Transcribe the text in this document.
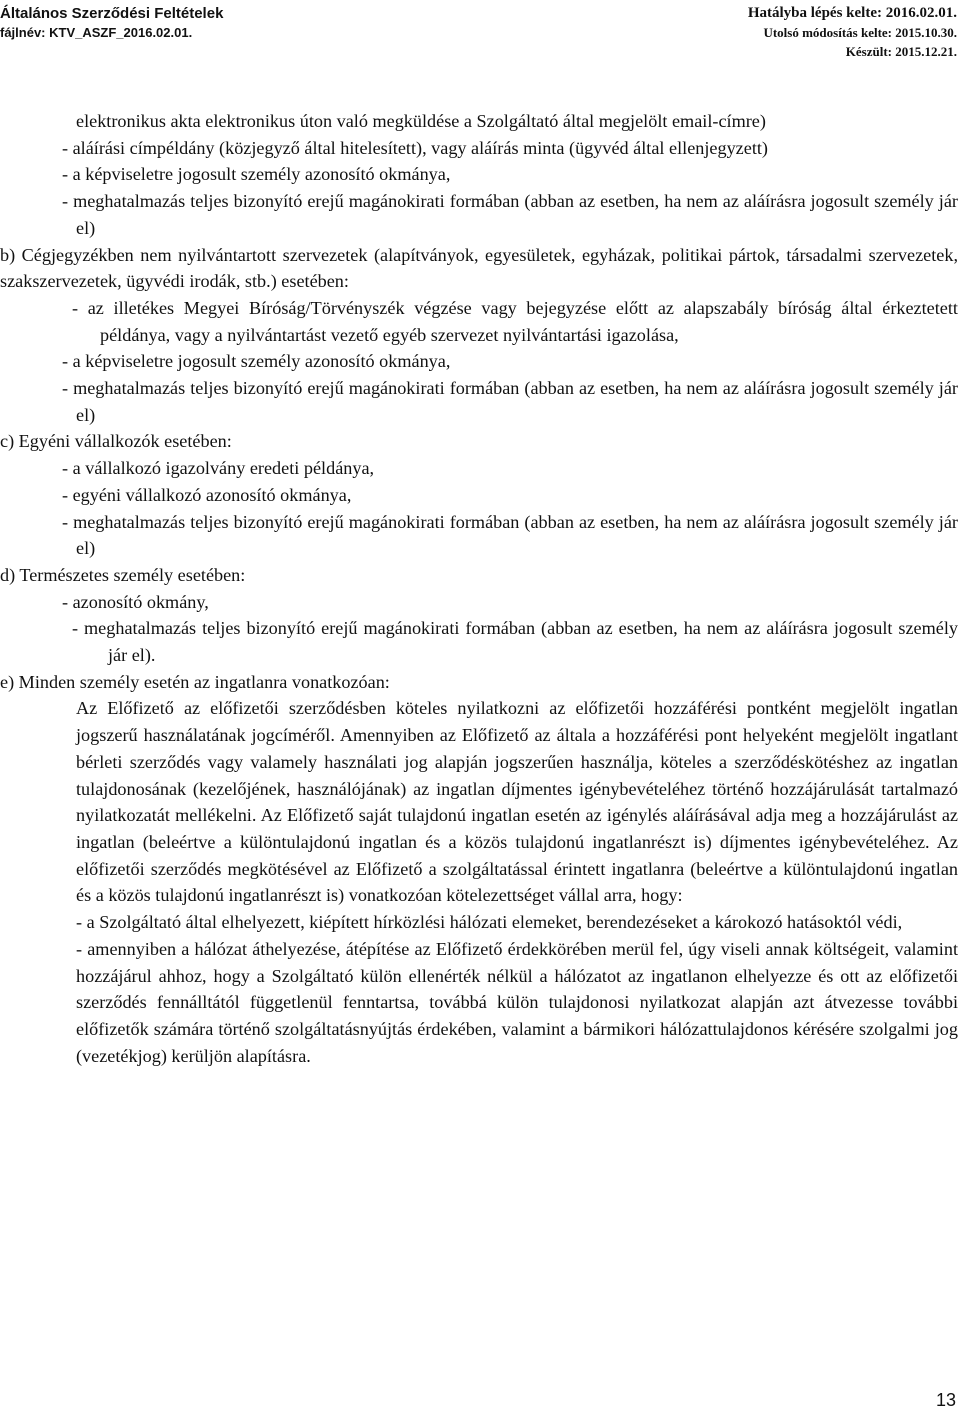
Általános Szerződési Feltételek
fájlnév: KTV_ASZF_2016.02.01.
Hatályba lépés kelte: 2016.02.01.
Utolsó módosítás kelte: 2015.10.30.
Készült: 2015.12.21.

elektronikus akta elektronikus úton való megküldése a Szolgáltató által megjelölt email-címre)

- aláírási címpéldány (közjegyző által hitelesített), vagy aláírás minta (ügyvéd által ellenjegyzett)

- a képviseletre jogosult személy azonosító okmánya,

- meghatalmazás teljes bizonyító erejű magánokirati formában (abban az esetben, ha nem az aláírásra jogosult személy jár el)

b) Cégjegyzékben nem nyilvántartott szervezetek (alapítványok, egyesületek, egyházak, politikai pártok, társadalmi szervezetek, szakszervezetek, ügyvédi irodák, stb.) esetében:

- az illetékes Megyei Bíróság/Törvényszék végzése vagy bejegyzése előtt az alapszabály bíróság által érkeztetett példánya, vagy a nyilvántartást vezető egyéb szervezet nyilvántartási igazolása,

- a képviseletre jogosult személy azonosító okmánya,

- meghatalmazás teljes bizonyító erejű magánokirati formában (abban az esetben, ha nem az aláírásra jogosult személy jár el)

c) Egyéni vállalkozók esetében:

- a vállalkozó igazolvány eredeti példánya,

- egyéni vállalkozó azonosító okmánya,

- meghatalmazás teljes bizonyító erejű magánokirati formában (abban az esetben, ha nem az aláírásra jogosult személy jár el)

d) Természetes személy esetében:

- azonosító okmány,

- meghatalmazás teljes bizonyító erejű magánokirati formában (abban az esetben, ha nem az aláírásra jogosult személy jár el).

e) Minden személy esetén az ingatlanra vonatkozóan:

Az Előfizető az előfizetői szerződésben köteles nyilatkozni az előfizetői hozzáférési pontként megjelölt ingatlan jogszerű használatának jogcíméről. Amennyiben az Előfizető az általa a hozzáférési pont helyeként megjelölt ingatlant bérleti szerződés vagy valamely használati jog alapján jogszerűen használja, köteles a szerződéskötéshez az ingatlan tulajdonosának (kezelőjének, használójának) az ingatlan díjmentes igénybevételéhez történő hozzájárulását tartalmazó nyilatkozatát mellékelni. Az Előfizető saját tulajdonú ingatlan esetén az igénylés aláírásával adja meg a hozzájárulást az ingatlan (beleértve a különtulajdonú ingatlan és a közös tulajdonú ingatlanrészt is) díjmentes igénybevételéhez. Az előfizetői szerződés megkötésével az Előfizető a szolgáltatással érintett ingatlanra (beleértve a különtulajdonú ingatlan és a közös tulajdonú ingatlanrészt is) vonatkozóan kötelezettséget vállal arra, hogy:

- a Szolgáltató által elhelyezett, kiépített hírközlési hálózati elemeket, berendezéseket a károkozó hatásoktól védi,

- amennyiben a hálózat áthelyezése, átépítése az Előfizető érdekkörében merül fel, úgy viseli annak költségeit, valamint hozzájárul ahhoz, hogy a Szolgáltató külön ellenérték nélkül a hálózatot az ingatlanon elhelyezze és ott az előfizetői szerződés fennálltától függetlenül fenntartsa, továbbá külön tulajdonosi nyilatkozat alapján azt átvezesse további előfizetők számára történő szolgáltatásnyújtás érdekében, valamint a bármikori hálózattulajdonos kérésére szolgalmi jog (vezetékjog) kerüljön alapításra.

13
